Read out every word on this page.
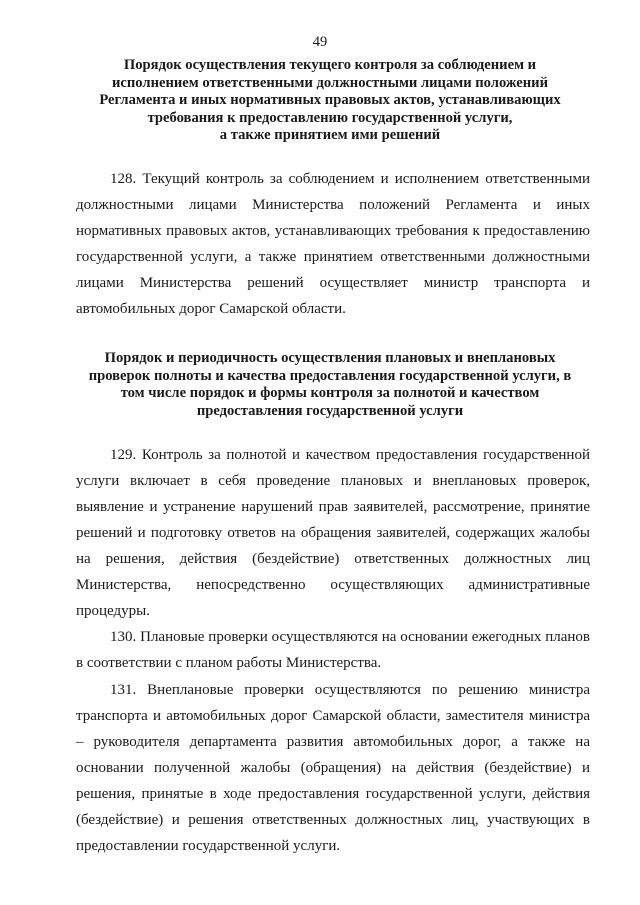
49
Порядок осуществления текущего контроля за соблюдением и
исполнением ответственными должностными лицами положений
Регламента и иных нормативных правовых актов, устанавливающих
требования к предоставлению государственной услуги,
а также принятием ими решений

128. Текущий контроль за соблюдением и исполнением ответственными должностными лицами Министерства положений Регламента и иных нормативных правовых актов, устанавливающих требования к предоставлению государственной услуги, а также принятием ответственными должностными лицами Министерства решений осуществляет министр транспорта и автомобильных дорог Самарской области.

Порядок и периодичность осуществления плановых и внеплановых
проверок полноты и качества предоставления государственной услуги, в
том числе порядок и формы контроля за полнотой и качеством
предоставления государственной услуги

129. Контроль за полнотой и качеством предоставления государственной услуги включает в себя проведение плановых и внеплановых проверок, выявление и устранение нарушений прав заявителей, рассмотрение, принятие решений и подготовку ответов на обращения заявителей, содержащих жалобы на решения, действия (бездействие) ответственных должностных лиц Министерства, непосредственно осуществляющих административные процедуры.

130. Плановые проверки осуществляются на основании ежегодных планов в соответствии с планом работы Министерства.

131. Внеплановые проверки осуществляются по решению министра транспорта и автомобильных дорог Самарской области, заместителя министра – руководителя департамента развития автомобильных дорог, а также на основании полученной жалобы (обращения) на действия (бездействие) и решения, принятые в ходе предоставления государственной услуги, действия (бездействие) и решения ответственных должностных лиц, участвующих в предоставлении государственной услуги.
